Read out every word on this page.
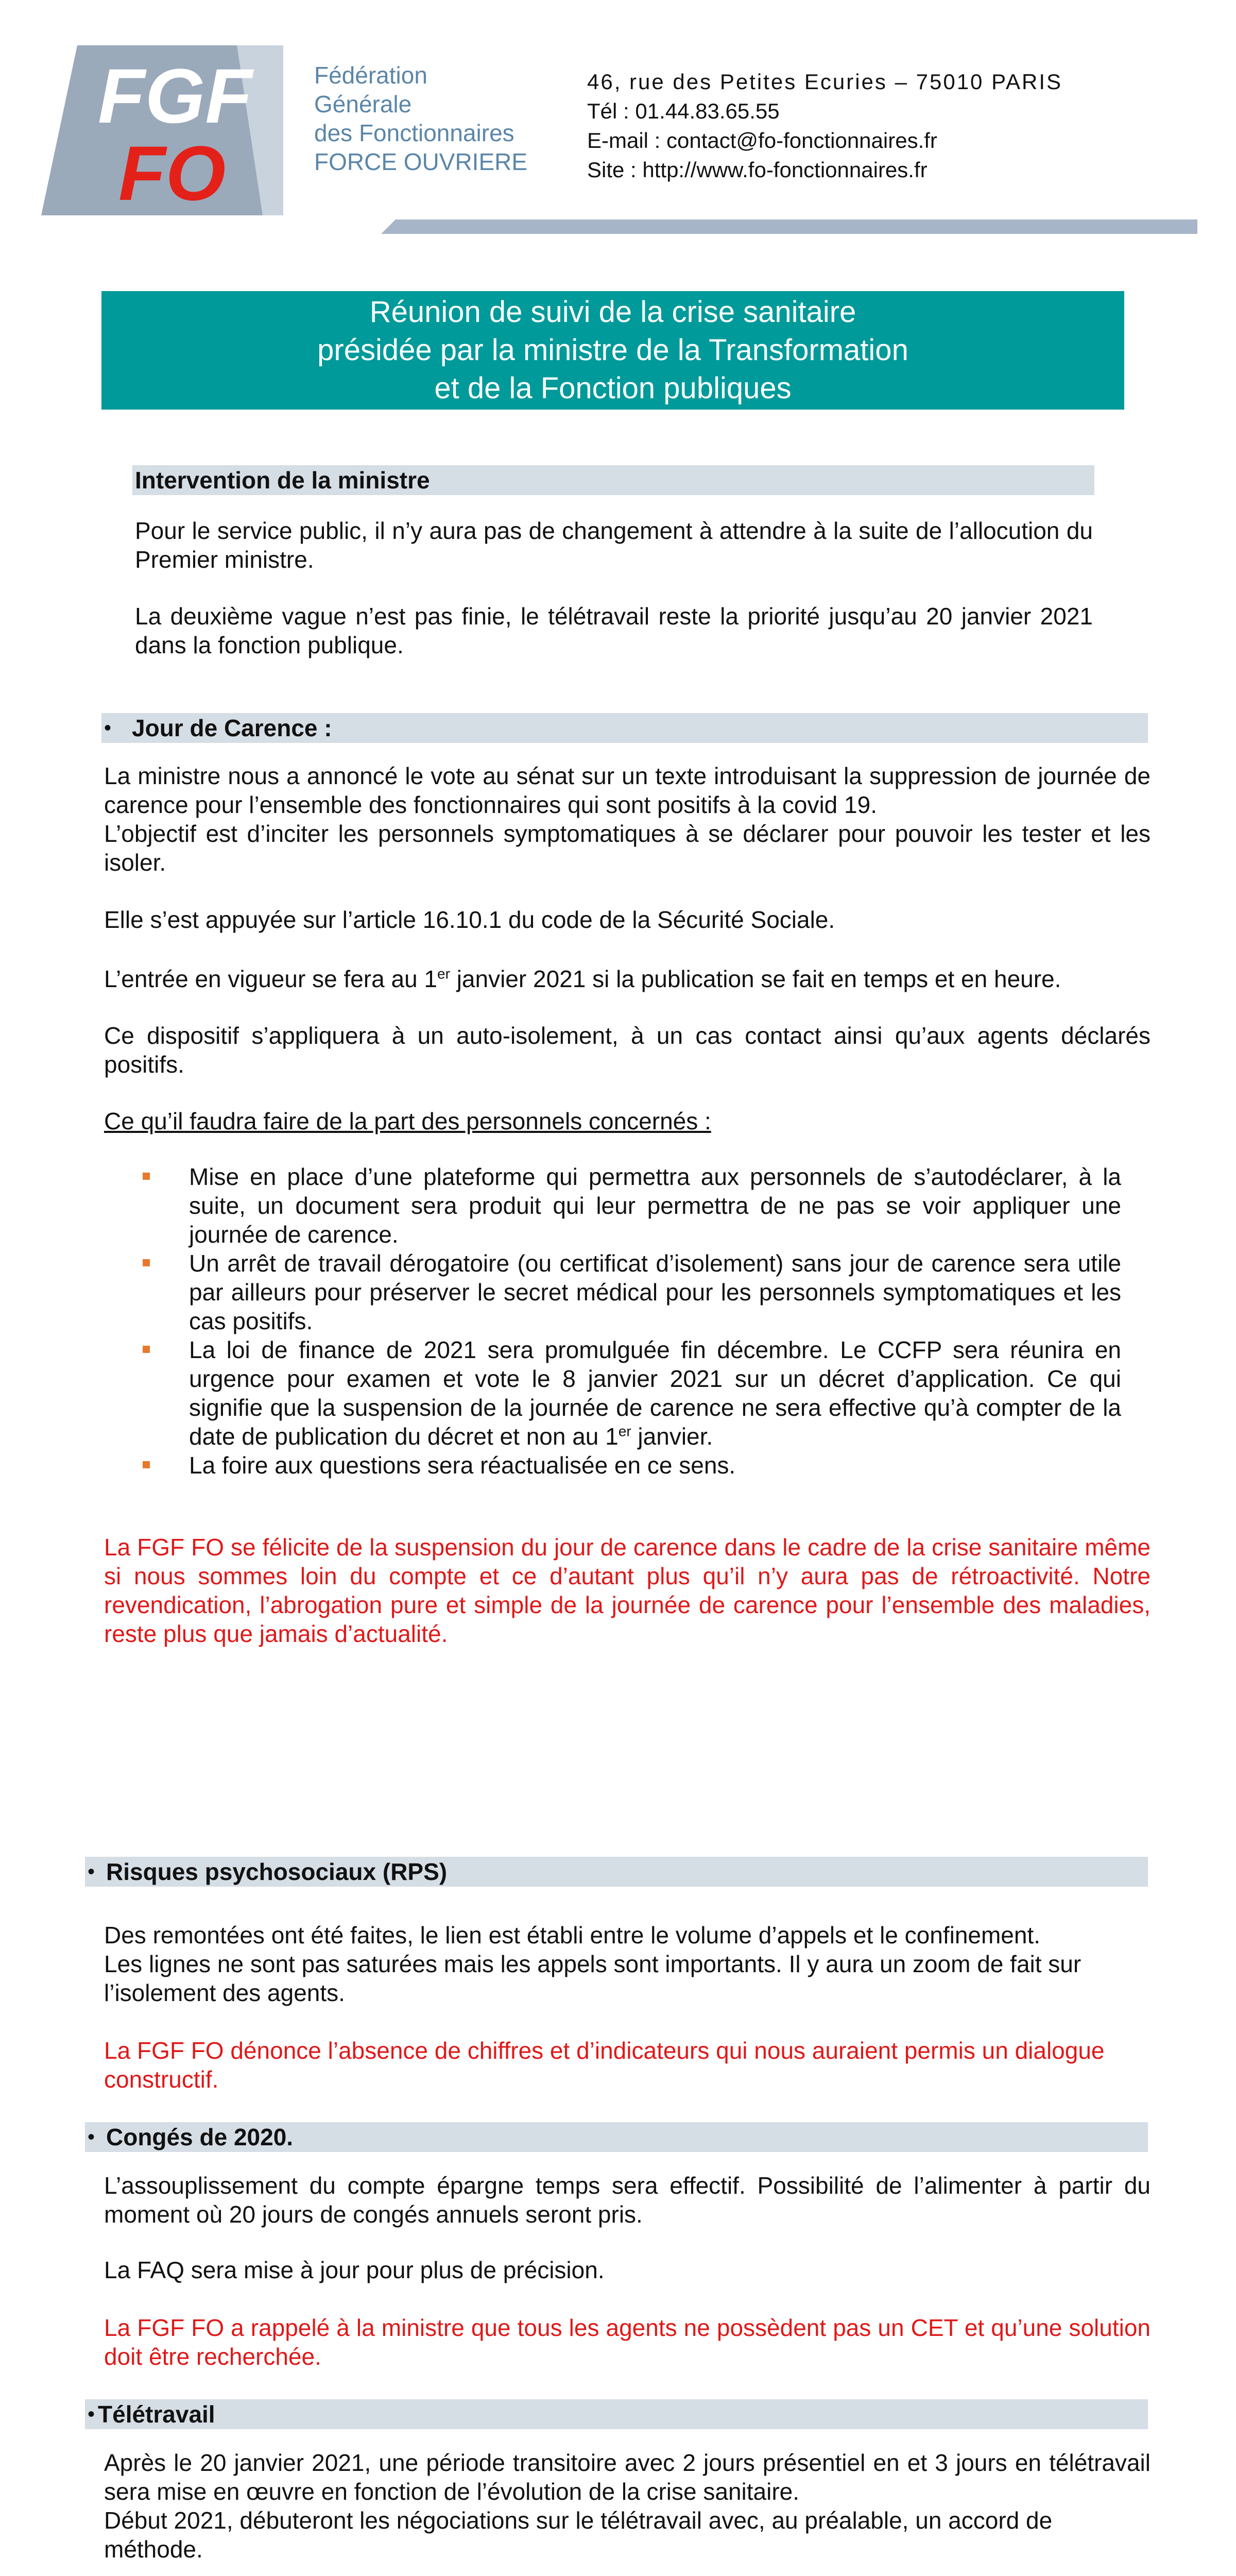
FGF
FO
Fédération
Générale
des Fonctionnaires
FORCE OUVRIERE
46, rue des Petites Ecuries – 75010 PARIS
Tél : 01.44.83.65.55
E-mail : contact@fo-fonctionnaires.fr
Site : http://www.fo-fonctionnaires.fr
Réunion de suivi de la crise sanitaire
présidée par la ministre de la Transformation
et de la Fonction publiques
Intervention de la ministre

Pour le service public, il n’y aura pas de changement à attendre à la suite de l’allocution du Premier ministre.

La deuxième vague n’est pas finie, le télétravail reste la priorité jusqu’au 20 janvier 2021 dans la fonction publique.

• Jour de Carence :

La ministre nous a annoncé le vote au sénat sur un texte introduisant la suppression de journée de carence pour l’ensemble des fonctionnaires qui sont positifs à la covid 19.

L’objectif est d’inciter les personnels symptomatiques à se déclarer pour pouvoir les tester et les isoler.

Elle s’est appuyée sur l’article 16.10.1 du code de la Sécurité Sociale.

L’entrée en vigueur se fera au 1er janvier 2021 si la publication se fait en temps et en heure.

Ce dispositif s’appliquera à un auto-isolement, à un cas contact ainsi qu’aux agents déclarés positifs.

Ce qu’il faudra faire de la part des personnels concernés :

Mise en place d’une plateforme qui permettra aux personnels de s’autodéclarer, à la suite, un document sera produit qui leur permettra de ne pas se voir appliquer une journée de carence.
Un arrêt de travail dérogatoire (ou certificat d’isolement) sans jour de carence sera utile par ailleurs pour préserver le secret médical pour les personnels symptomatiques et les cas positifs.
La loi de finance de 2021 sera promulguée fin décembre. Le CCFP sera réunira en urgence pour examen et vote le 8 janvier 2021 sur un décret d’application. Ce qui signifie que la suspension de la journée de carence ne sera effective qu’à compter de la date de publication du décret et non au 1er janvier.
La foire aux questions sera réactualisée en ce sens.

La FGF FO se félicite de la suspension du jour de carence dans le cadre de la crise sanitaire même si nous sommes loin du compte et ce d’autant plus qu’il n’y aura pas de rétroactivité. Notre revendication, l’abrogation pure et simple de la journée de carence pour l’ensemble des maladies, reste plus que jamais d’actualité.

• Risques psychosociaux (RPS)

Des remontées ont été faites, le lien est établi entre le volume d’appels et le confinement.

Les lignes ne sont pas saturées mais les appels sont importants. Il y aura un zoom de fait sur l’isolement des agents.

La FGF FO dénonce l’absence de chiffres et d’indicateurs qui nous auraient permis un dialogue constructif.

• Congés de 2020.

L’assouplissement du compte épargne temps sera effectif. Possibilité de l’alimenter à partir du moment où 20 jours de congés annuels seront pris.

La FAQ sera mise à jour pour plus de précision.

La FGF FO a rappelé à la ministre que tous les agents ne possèdent pas un CET et qu’une solution doit être recherchée.

• Télétravail

Après le 20 janvier 2021, une période transitoire avec 2 jours présentiel en et 3 jours en télétravail sera mise en œuvre en fonction de l’évolution de la crise sanitaire.

Début 2021, débuteront les négociations sur le télétravail avec, au préalable, un accord de méthode.
